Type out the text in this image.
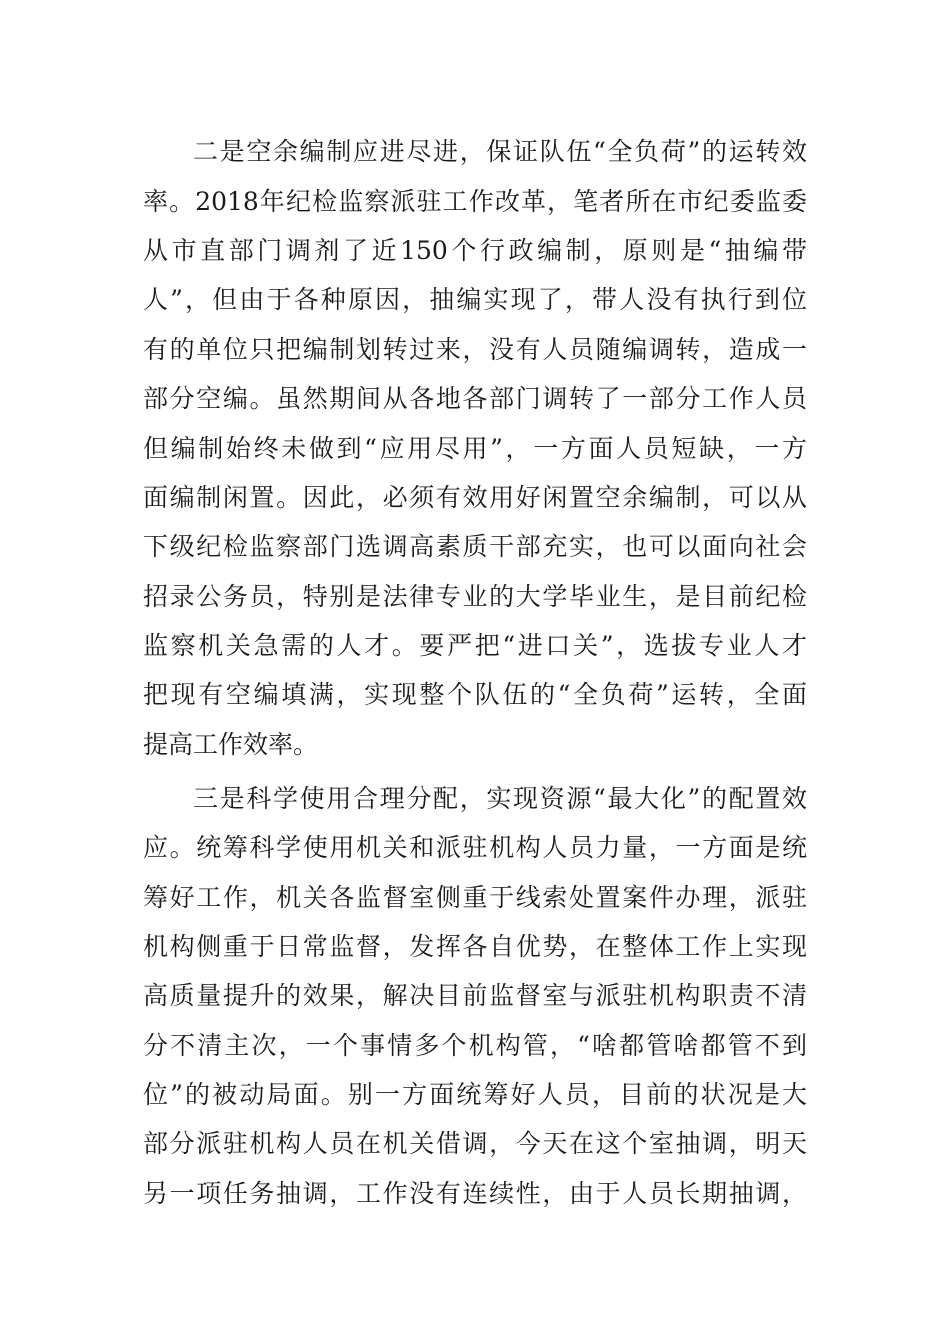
二是空余编制应进尽进，保证队伍“全负荷”的运转效
率。2018年纪检监察派驻工作改革，笔者所在市纪委监委
从市直部门调剂了近150个行政编制，原则是“抽编带
人”，但由于各种原因，抽编实现了，带人没有执行到位
有的单位只把编制划转过来，没有人员随编调转，造成一
部分空编。虽然期间从各地各部门调转了一部分工作人员
但编制始终未做到“应用尽用”，一方面人员短缺，一方
面编制闲置。因此，必须有效用好闲置空余编制，可以从
下级纪检监察部门选调高素质干部充实，也可以面向社会
招录公务员，特别是法律专业的大学毕业生，是目前纪检
监察机关急需的人才。要严把“进口关”，选拔专业人才
把现有空编填满，实现整个队伍的“全负荷”运转，全面
提高工作效率。
三是科学使用合理分配，实现资源“最大化”的配置效
应。统筹科学使用机关和派驻机构人员力量，一方面是统
筹好工作，机关各监督室侧重于线索处置案件办理，派驻
机构侧重于日常监督，发挥各自优势，在整体工作上实现
高质量提升的效果，解决目前监督室与派驻机构职责不清
分不清主次，一个事情多个机构管，“啥都管啥都管不到
位”的被动局面。别一方面统筹好人员，目前的状况是大
部分派驻机构人员在机关借调，今天在这个室抽调，明天
另一项任务抽调，工作没有连续性，由于人员长期抽调，
